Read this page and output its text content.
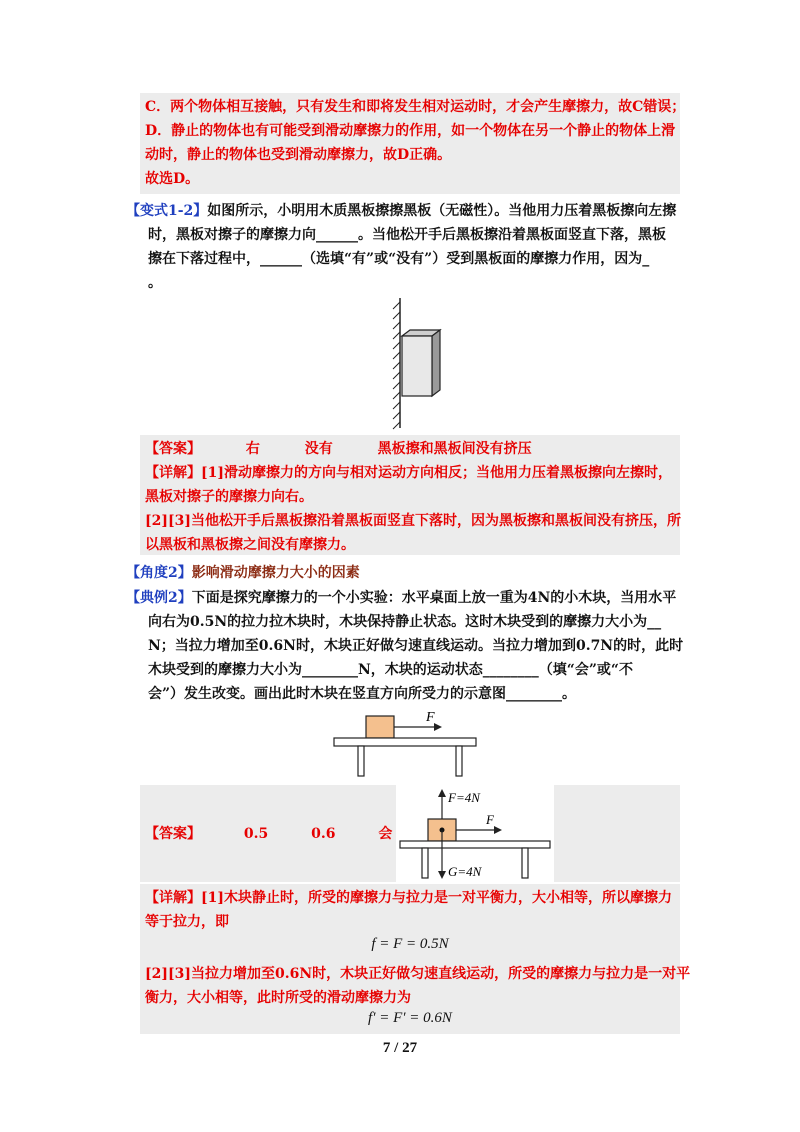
C．两个物体相互接触，只有发生和即将发生相对运动时，才会产生摩擦力，故C错误；
D．静止的物体也有可能受到滑动摩擦力的作用，如一个物体在另一个静止的物体上滑
动时，静止的物体也受到滑动摩擦力，故D正确。
故选D。
【变式1-2】如图所示，小明用木质黑板擦擦黑板（无磁性）。当他用力压着黑板擦向左擦
时，黑板对擦子的摩擦力向______。当他松开手后黑板擦沿着黑板面竖直下落，黑板
擦在下落过程中，______（选填“有”或“没有”）受到黑板面的摩擦力作用，因为_
。
【答案】	右	没有	黑板擦和黑板间没有挤压
【详解】[1]滑动摩擦力的方向与相对运动方向相反；当他用力压着黑板擦向左擦时，
黑板对擦子的摩擦力向右。
[2][3]当他松开手后黑板擦沿着黑板面竖直下落时，因为黑板擦和黑板间没有挤压，所
以黑板和黑板擦之间没有摩擦力。
【角度2】影响滑动摩擦力大小的因素
【典例2】下面是探究摩擦力的一个小实验：水平桌面上放一重为4N的小木块，当用水平
向右为0.5N的拉力拉木块时，木块保持静止状态。这时木块受到的摩擦力大小为__
N；当拉力增加至0.6N时，木块正好做匀速直线运动。当拉力增加到0.7N的时，此时
木块受到的摩擦力大小为________N，木块的运动状态________（填“会”或“不
会”）发生改变。画出此时木块在竖直方向所受力的示意图________。
F
【答案】	0.5	0.6	会
F=4N
F
G=4N
【详解】[1]木块静止时，所受的摩擦力与拉力是一对平衡力，大小相等，所以摩擦力
等于拉力，即
f = F = 0.5N
[2][3]当拉力增加至0.6N时，木块正好做匀速直线运动，所受的摩擦力与拉力是一对平
衡力，大小相等，此时所受的滑动摩擦力为
f′ = F′ = 0.6N
7 / 27
